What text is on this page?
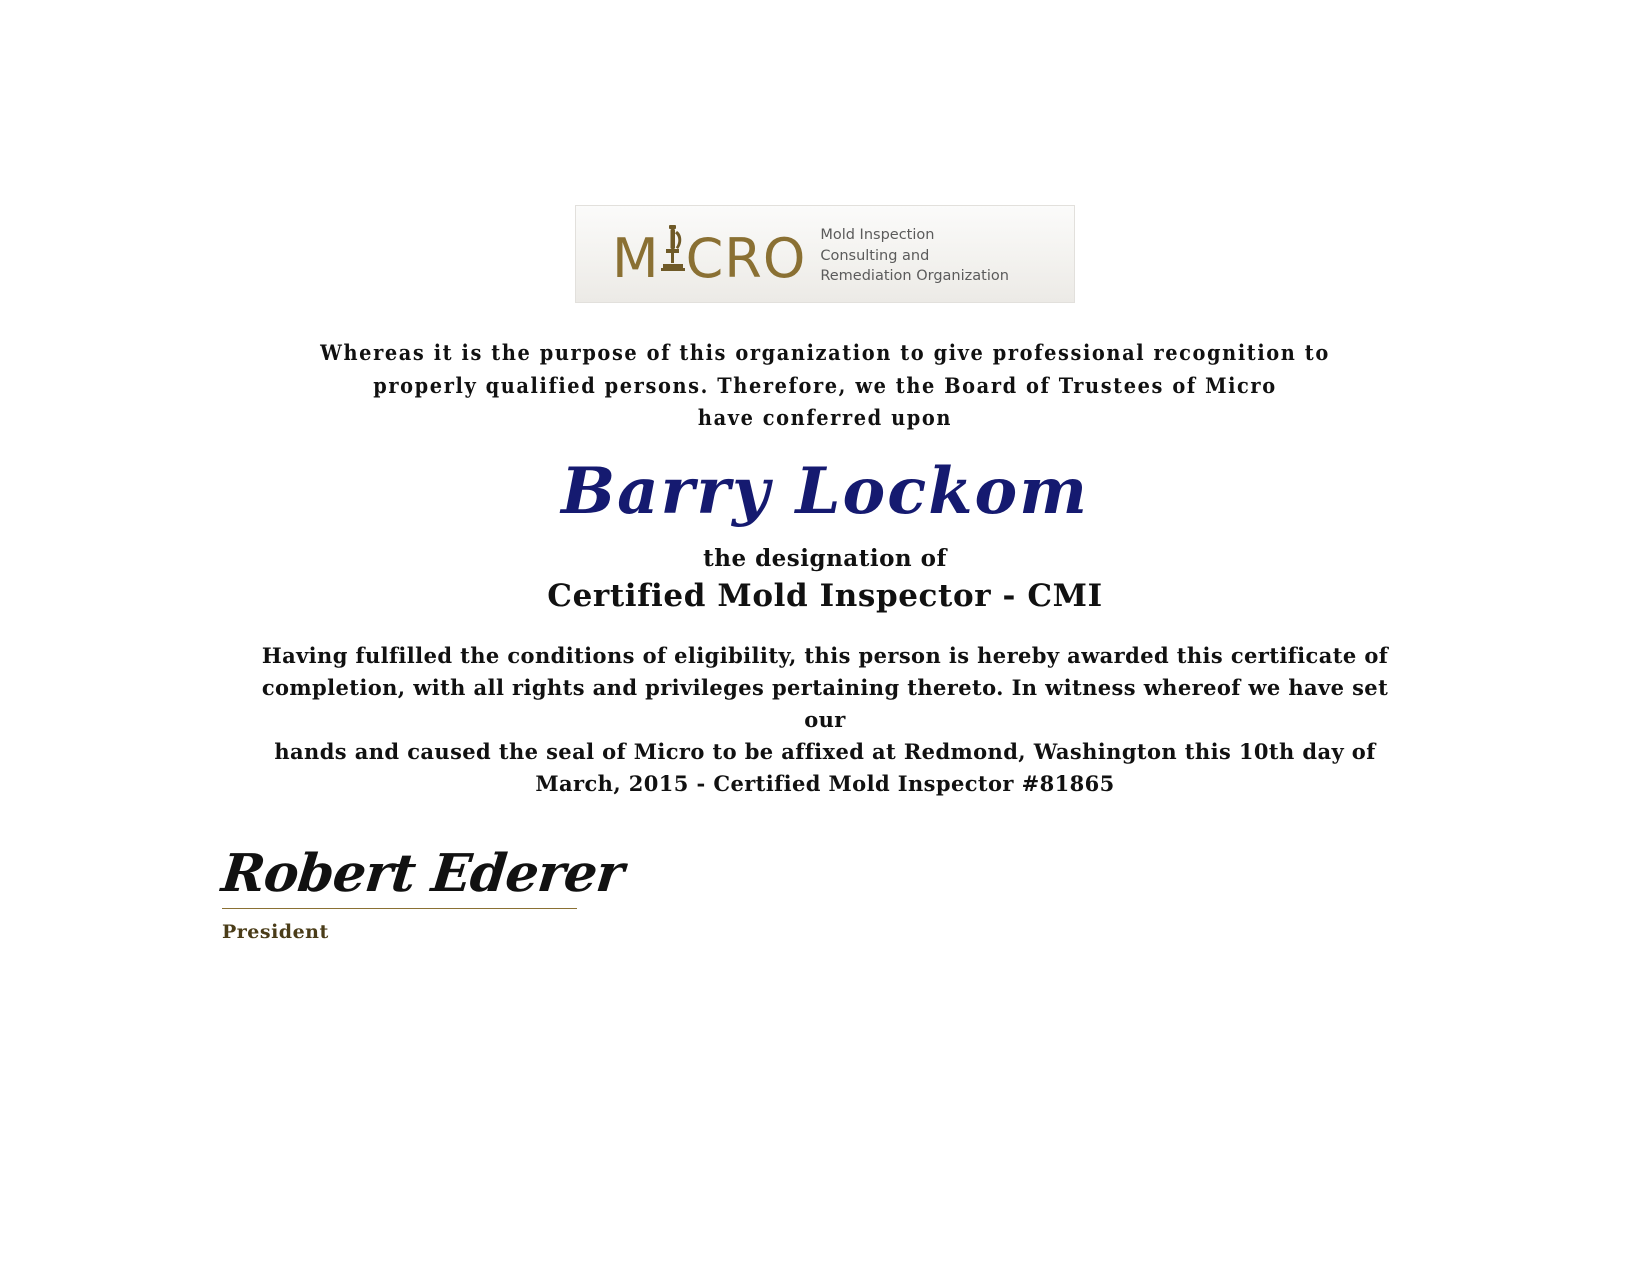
M CRO Mold Inspection
Consulting and
Remediation Organization
Whereas it is the purpose of this organization to give professional recognition to
properly qualified persons. Therefore, we the Board of Trustees of Micro
have conferred upon
Barry Lockom
the designation of
Certified Mold Inspector - CMI
Having fulfilled the conditions of eligibility, this person is hereby awarded this certificate of
completion, with all rights and privileges pertaining thereto. In witness whereof we have set our
hands and caused the seal of Micro to be affixed at Redmond, Washington this 10th day of
March, 2015 - Certified Mold Inspector #81865
Robert Ederer
President
